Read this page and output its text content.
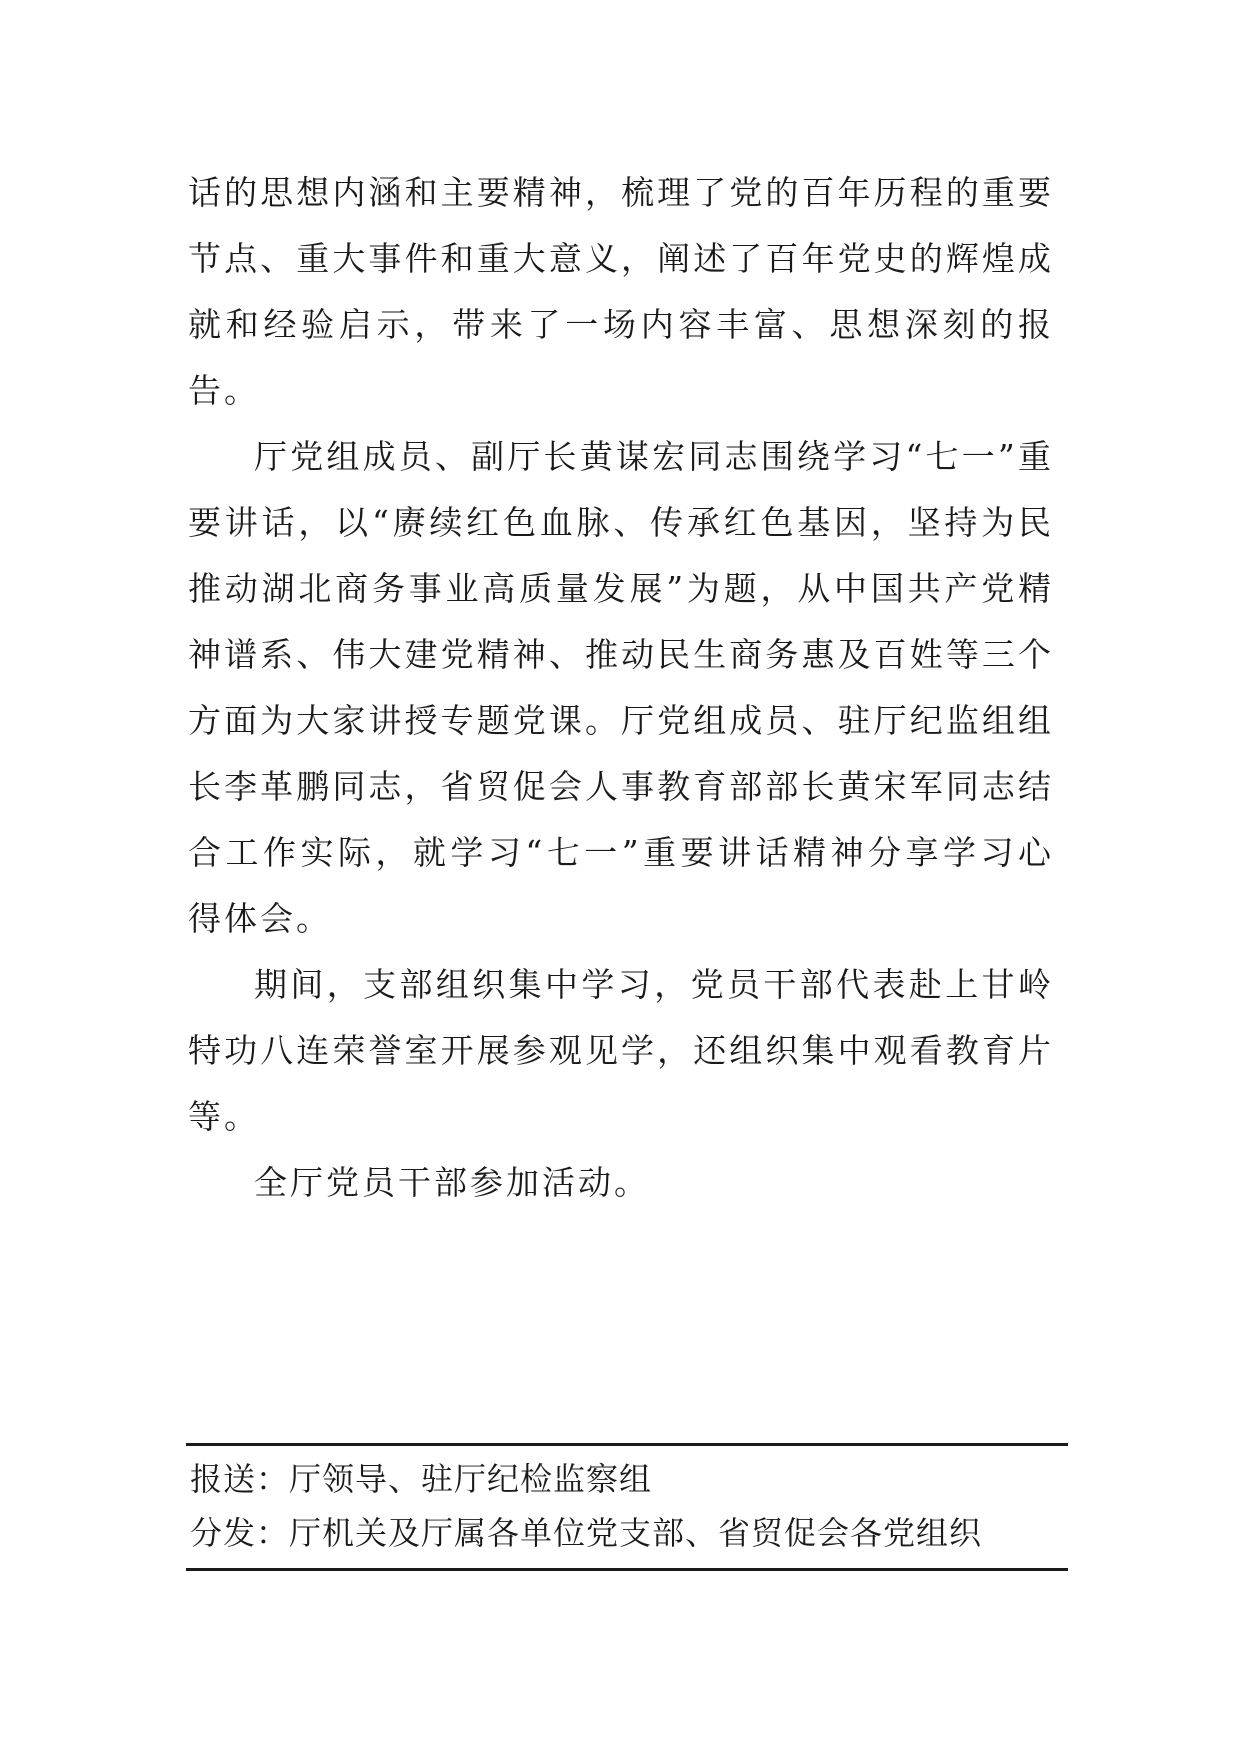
话的思想内涵和主要精神，梳理了党的百年历程的重要节点、重大事件和重大意义，阐述了百年党史的辉煌成就和经验启示，带来了一场内容丰富、思想深刻的报告。

厅党组成员、副厅长黄谋宏同志围绕学习“七一”重要讲话，以“赓续红色血脉、传承红色基因，坚持为民推动湖北商务事业高质量发展”为题，从中国共产党精神谱系、伟大建党精神、推动民生商务惠及百姓等三个方面为大家讲授专题党课。厅党组成员、驻厅纪监组组长李革鹏同志，省贸促会人事教育部部长黄宋军同志结合工作实际，就学习“七一”重要讲话精神分享学习心得体会。

期间，支部组织集中学习，党员干部代表赴上甘岭特功八连荣誉室开展参观见学，还组织集中观看教育片等。

全厅党员干部参加活动。

报送：厅领导、驻厅纪检监察组
分发：厅机关及厅属各单位党支部、省贸促会各党组织
